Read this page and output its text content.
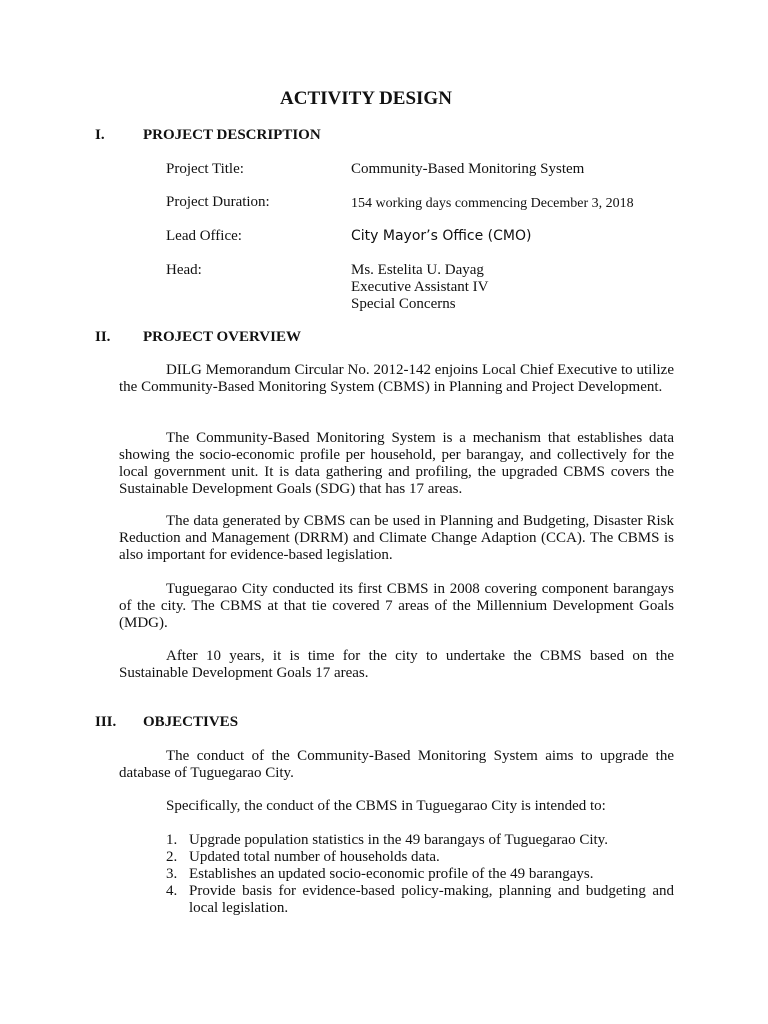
ACTIVITY DESIGN
I.	PROJECT DESCRIPTION
Project Title:	Community-Based Monitoring System
Project Duration:	154 working days commencing December 3, 2018
Lead Office:	City Mayor’s Office (CMO)
Head:	Ms. Estelita U. Dayag
Executive Assistant IV
Special Concerns
II. PROJECT OVERVIEW
DILG Memorandum Circular No. 2012-142 enjoins Local Chief Executive to utilize the Community-Based Monitoring System (CBMS) in Planning and Project Development.
The Community-Based Monitoring System is a mechanism that establishes data showing the socio-economic profile per household, per barangay, and collectively for the local government unit. It is data gathering and profiling, the upgraded CBMS covers the Sustainable Development Goals (SDG) that has 17 areas.
The data generated by CBMS can be used in Planning and Budgeting, Disaster Risk Reduction and Management (DRRM) and Climate Change Adaption (CCA). The CBMS is also important for evidence-based legislation.
Tuguegarao City conducted its first CBMS in 2008 covering component barangays of the city. The CBMS at that tie covered 7 areas of the Millennium Development Goals (MDG).
After 10 years, it is time for the city to undertake the CBMS based on the Sustainable Development Goals 17 areas.
III. OBJECTIVES
The conduct of the Community-Based Monitoring System aims to upgrade the database of Tuguegarao City.
Specifically, the conduct of the CBMS in Tuguegarao City is intended to:
1. Upgrade population statistics in the 49 barangays of Tuguegarao City.
2. Updated total number of households data.
3. Establishes an updated socio-economic profile of the 49 barangays.
4. Provide basis for evidence-based policy-making, planning and budgeting and local legislation.
